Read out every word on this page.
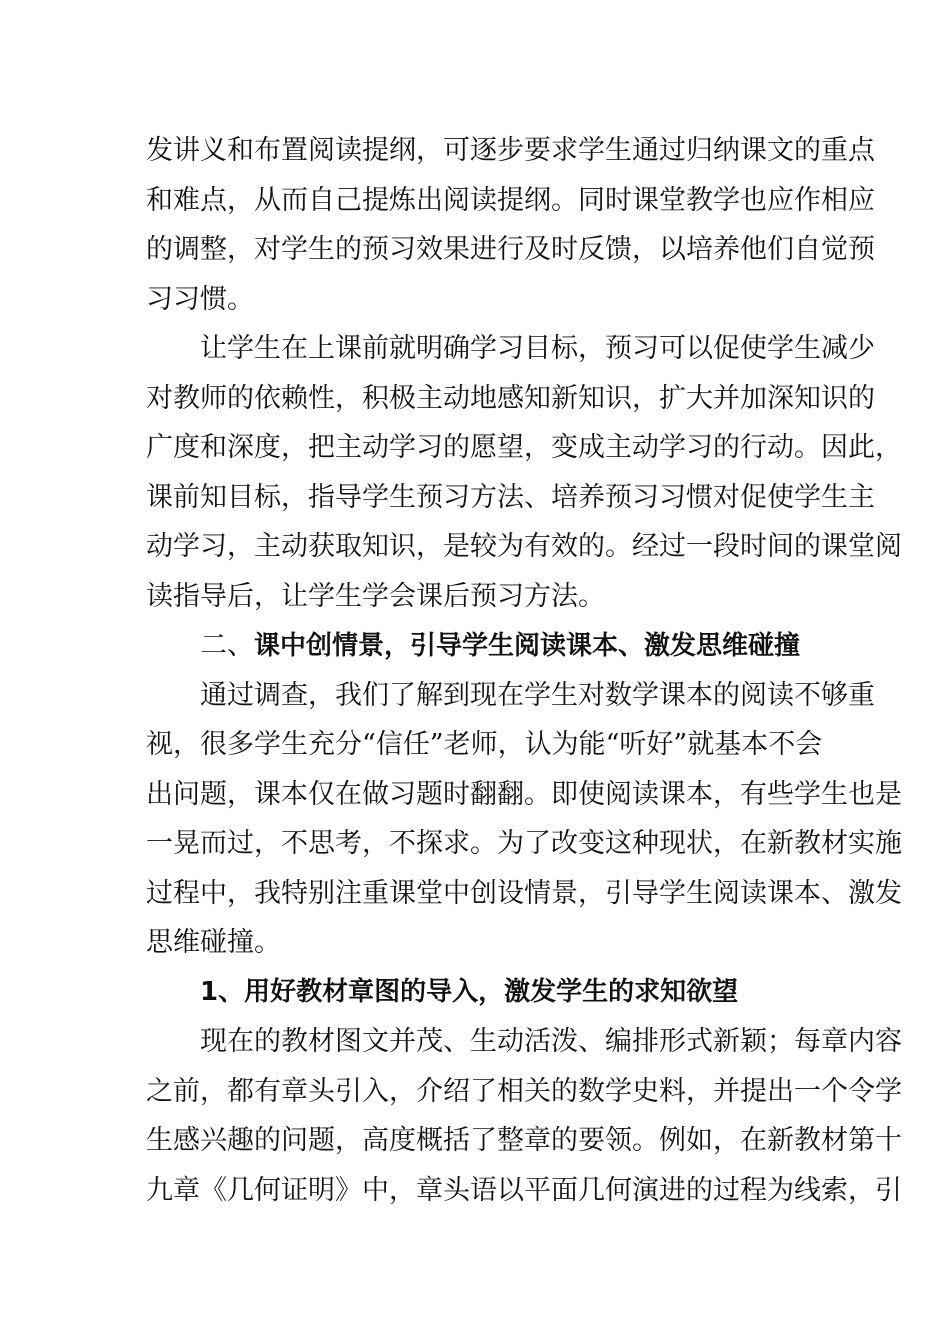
发讲义和布置阅读提纲，可逐步要求学生通过归纳课文的重点
和难点，从而自己提炼出阅读提纲。同时课堂教学也应作相应
的调整，对学生的预习效果进行及时反馈，以培养他们自觉预
习习惯。
让学生在上课前就明确学习目标，预习可以促使学生减少
对教师的依赖性，积极主动地感知新知识，扩大并加深知识的
广度和深度，把主动学习的愿望，变成主动学习的行动。因此，
课前知目标，指导学生预习方法、培养预习习惯对促使学生主
动学习，主动获取知识，是较为有效的。经过一段时间的课堂阅
读指导后，让学生学会课后预习方法。
二、课中创情景，引导学生阅读课本、激发思维碰撞
通过调查，我们了解到现在学生对数学课本的阅读不够重
视，很多学生充分“信任”老师，认为能“听好”就基本不会
出问题，课本仅在做习题时翻翻。即使阅读课本，有些学生也是
一晃而过，不思考，不探求。为了改变这种现状，在新教材实施
过程中，我特别注重课堂中创设情景，引导学生阅读课本、激发
思维碰撞。
1、用好教材章图的导入，激发学生的求知欲望
现在的教材图文并茂、生动活泼、编排形式新颖；每章内容
之前，都有章头引入，介绍了相关的数学史料，并提出一个令学
生感兴趣的问题，高度概括了整章的要领。例如，在新教材第十
九章《几何证明》中，章头语以平面几何演进的过程为线索，引
